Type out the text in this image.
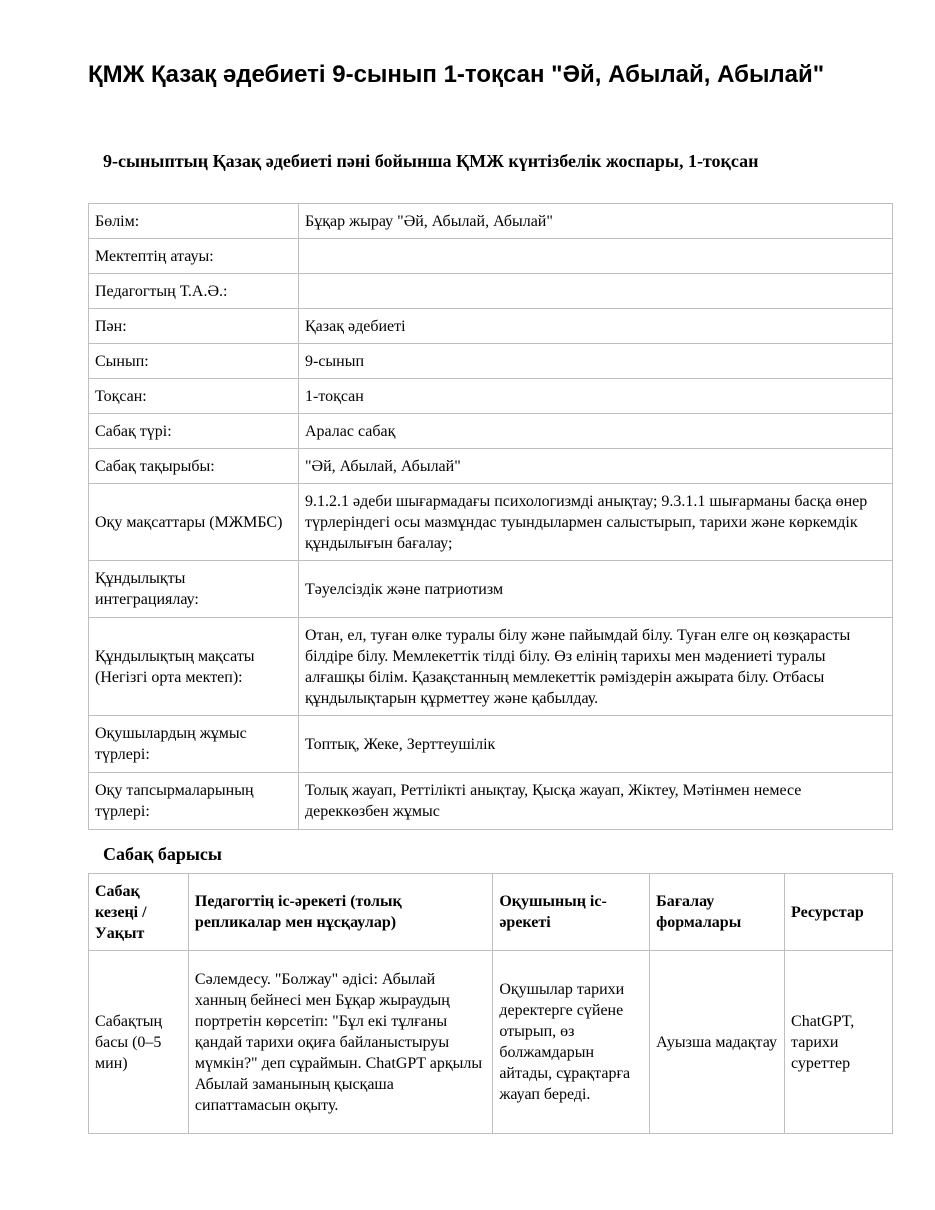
ҚМЖ Қазақ әдебиеті 9-сынып 1-тоқсан "Әй, Абылай, Абылай"
9-сыныптың Қазақ әдебиеті пәні бойынша ҚМЖ күнтізбелік жоспары, 1-тоқсан
Бөлім:	Бұқар жырау "Әй, Абылай, Абылай"
Мектептің атауы:	
Педагогтың Т.А.Ә.:	
Пән:	Қазақ әдебиеті
Сынып:	9-сынып
Тоқсан:	1-тоқсан
Сабақ түрі:	Аралас сабақ
Сабақ тақырыбы:	"Әй, Абылай, Абылай"
Оқу мақсаттары (МЖМБС)	9.1.2.1 әдеби шығармадағы психологизмді анықтау; 9.3.1.1 шығарманы басқа өнер түрлеріндегі осы мазмұндас туындылармен салыстырып, тарихи және көркемдік құндылығын бағалау;
Құндылықты интеграциялау:	Тәуелсіздік және патриотизм
Құндылықтың мақсаты (Негізгі орта мектеп):	Отан, ел, туған өлке туралы білу және пайымдай білу. Туған елге оң көзқарасты білдіре білу. Мемлекеттік тілді білу. Өз елінің тарихы мен мәдениеті туралы алғашқы білім. Қазақстанның мемлекеттік рәміздерін ажырата білу. Отбасы құндылықтарын құрметтеу және қабылдау.
Оқушылардың жұмыс түрлері:	Топтық, Жеке, Зерттеушілік
Оқу тапсырмаларының түрлері:	Толық жауап, Реттілікті анықтау, Қысқа жауап, Жіктеу, Мәтінмен немесе дереккөзбен жұмыс
Сабақ барысы
Сабақ кезеңі / Уақыт	Педагогтің іс-әрекеті (толық репликалар мен нұсқаулар)	Оқушының іс-әрекеті	Бағалау формалары	Ресурстар
Сабақтың басы (0–5 мин)	Сәлемдесу. "Болжау" әдісі: Абылай ханның бейнесі мен Бұқар жыраудың портретін көрсетіп: "Бұл екі тұлғаны қандай тарихи оқиға байланыстыруы мүмкін?" деп сұраймын. ChatGPT арқылы Абылай заманының қысқаша сипаттамасын оқыту.	Оқушылар тарихи деректерге сүйене отырып, өз болжамдарын айтады, сұрақтарға жауап береді.	Ауызша мадақтау	ChatGPT, тарихи суреттер
